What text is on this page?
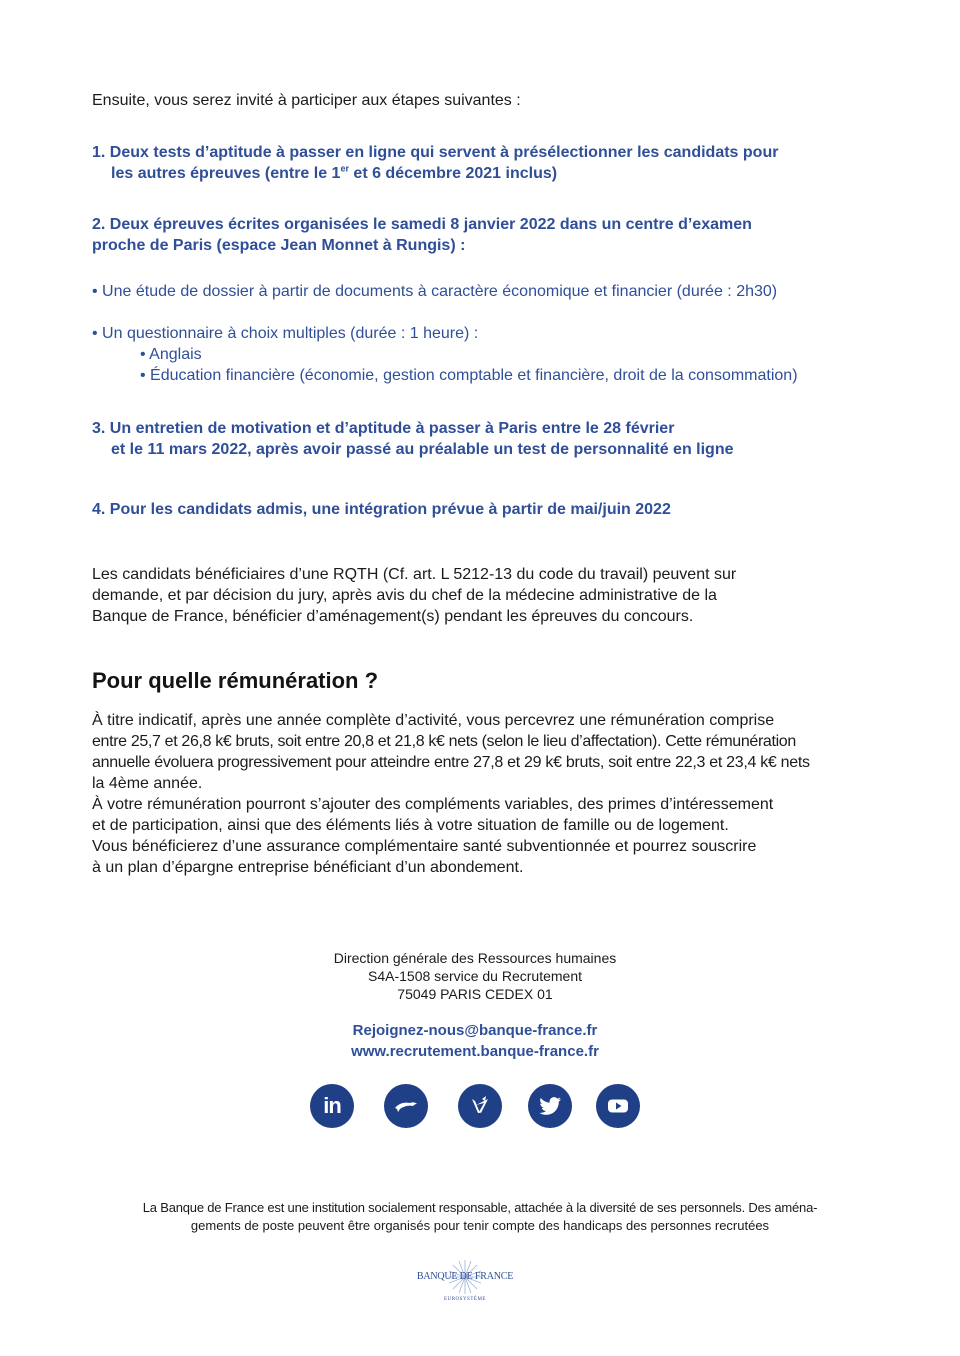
Ensuite, vous serez invité à participer aux étapes suivantes :
1. Deux tests d’aptitude à passer en ligne qui servent à présélectionner les candidats pour
les autres épreuves (entre le 1er et 6 décembre 2021 inclus)
2. Deux épreuves écrites organisées le samedi 8 janvier 2022 dans un centre d’examen
proche de Paris (espace Jean Monnet à Rungis) :
• Une étude de dossier à partir de documents à caractère économique et financier (durée : 2h30)
• Un questionnaire à choix multiples (durée : 1 heure) :
• Anglais
• Éducation financière (économie, gestion comptable et financière, droit de la consommation)
3. Un entretien de motivation et d’aptitude à passer à Paris entre le 28 février
et le 11 mars 2022, après avoir passé au préalable un test de personnalité en ligne
4. Pour les candidats admis, une intégration prévue à partir de mai/juin 2022
Les candidats bénéficiaires d’une RQTH (Cf. art. L 5212-13 du code du travail) peuvent sur
demande, et par décision du jury, après avis du chef de la médecine administrative de la
Banque de France, bénéficier d’aménagement(s) pendant les épreuves du concours.
Pour quelle rémunération ?
À titre indicatif, après une année complète d’activité, vous percevrez une rémunération comprise
entre 25,7 et 26,8 k€ bruts, soit entre 20,8 et 21,8 k€ nets (selon le lieu d’affectation). Cette rémunération
annuelle évoluera progressivement pour atteindre entre 27,8 et 29 k€ bruts, soit entre 22,3 et 23,4 k€ nets
la 4ème année.
À votre rémunération pourront s’ajouter des compléments variables, des primes d’intéressement
et de participation, ainsi que des éléments liés à votre situation de famille ou de logement.
Vous bénéficierez d’une assurance complémentaire santé subventionnée et pourrez souscrire
à un plan d’épargne entreprise bénéficiant d’un abondement.
Direction générale des Ressources humaines
S4A-1508 service du Recrutement
75049 PARIS CEDEX 01
Rejoignez-nous@banque-france.fr
www.recrutement.banque-france.fr
in
La Banque de France est une institution socialement responsable, attachée à la diversité de ses personnels. Des aména-
gements de poste peuvent être organisés pour tenir compte des handicaps des personnes recrutées
BANQUE DE FRANCE
EUROSYSTÈME
